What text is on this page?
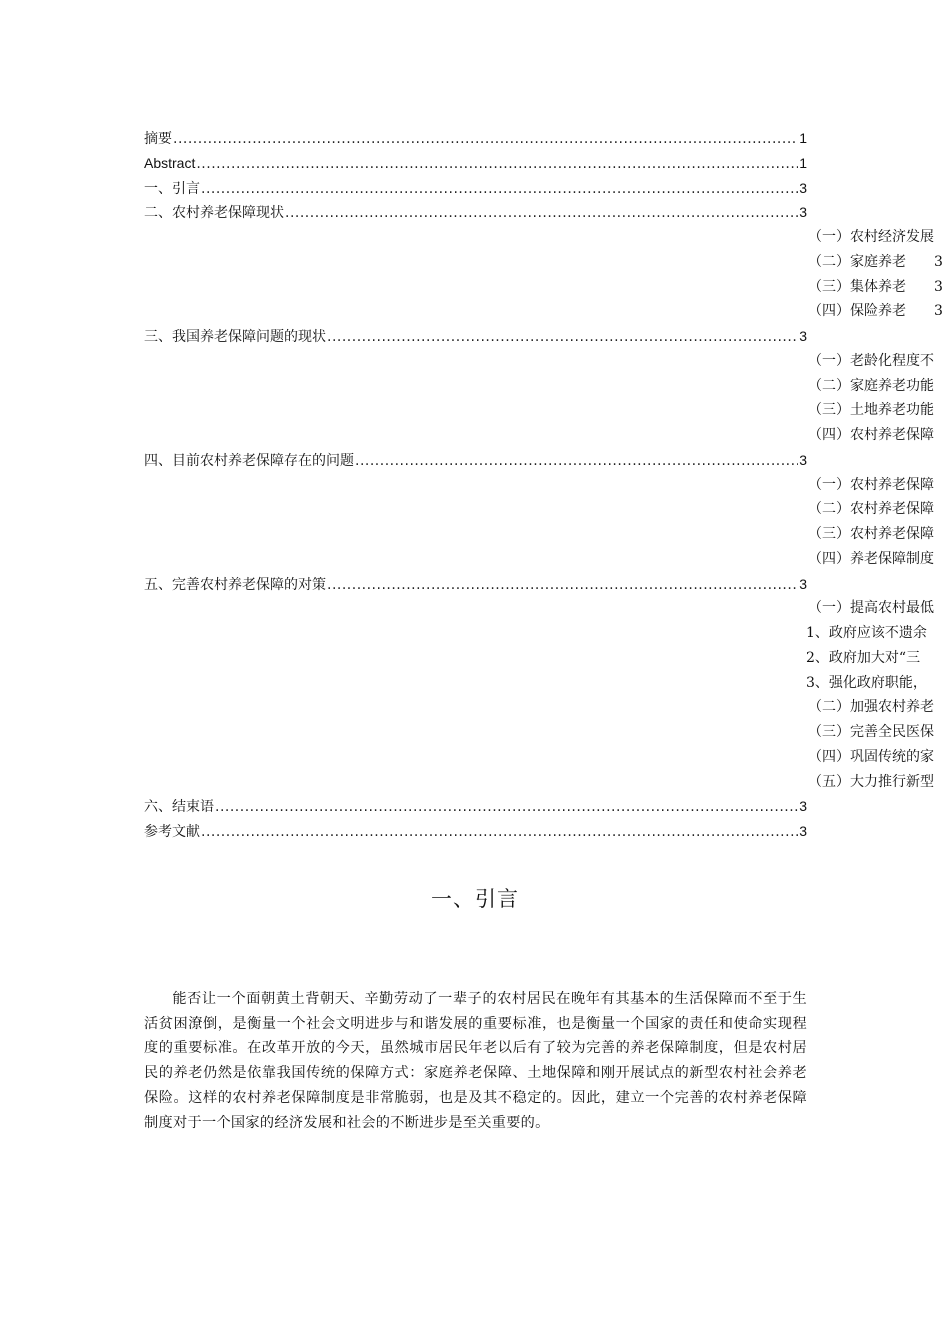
摘要 .....	1
Abstract .....	1
一、引言 .....	3
二、农村养老保障现状 .....	3
（一）农村经济发展
（二）家庭养老　　3
（三）集体养老　　3
（四）保险养老　　3
三、我国养老保障问题的现状 .....	3
（一）老龄化程度不
（二）家庭养老功能
（三）土地养老功能
（四）农村养老保障
四、目前农村养老保障存在的问题 .....	3
（一）农村养老保障
（二）农村养老保障
（三）农村养老保障
（四）养老保障制度
五、完善农村养老保障的对策 .....	3
（一）提高农村最低
1、政府应该不遗余
2、政府加大对“三
3、强化政府职能，
（二）加强农村养老
（三）完善全民医保
（四）巩固传统的家
（五）大力推行新型
六、结束语 .....	3
参考文献 .....	3
一、引言
能否让一个面朝黄土背朝天、辛勤劳动了一辈子的农村居民在晚年有其基本的生活保障而不至于生活贫困潦倒，是衡量一个社会文明进步与和谐发展的重要标准，也是衡量一个国家的责任和使命实现程度的重要标准。在改革开放的今天，虽然城市居民年老以后有了较为完善的养老保障制度，但是农村居民的养老仍然是依靠我国传统的保障方式：家庭养老保障、土地保障和刚开展试点的新型农村社会养老保险。这样的农村养老保障制度是非常脆弱，也是及其不稳定的。因此，建立一个完善的农村养老保障制度对于一个国家的经济发展和社会的不断进步是至关重要的。
